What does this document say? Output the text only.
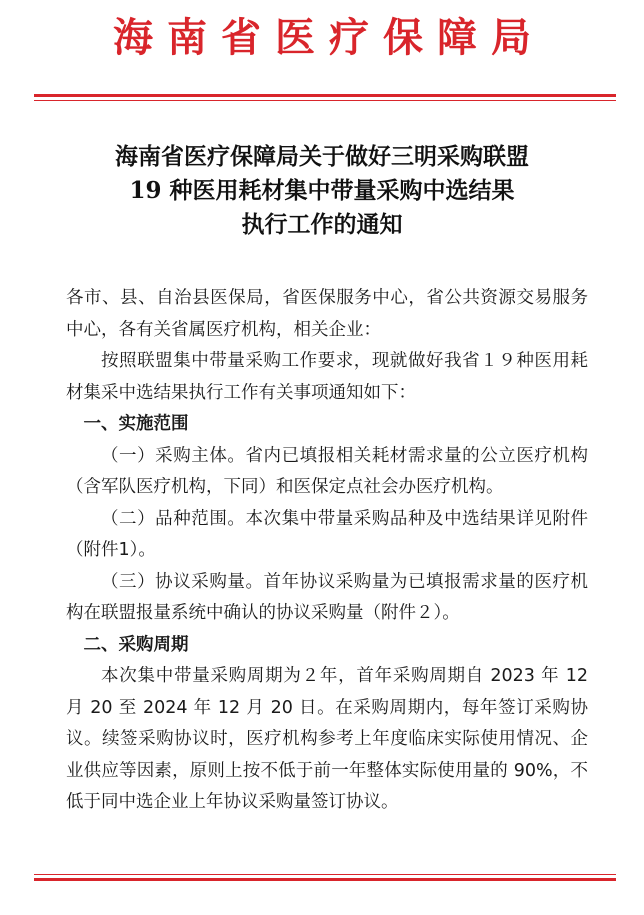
海南省医疗保障局
海南省医疗保障局关于做好三明采购联盟
19 种医用耗材集中带量采购中选结果
执行工作的通知

各市、县、自治县医保局，省医保服务中心，省公共资源交易服务中心，各有关省属医疗机构，相关企业：

按照联盟集中带量采购工作要求，现就做好我省１９种医用耗材集采中选结果执行工作有关事项通知如下：

一、实施范围

（一）采购主体。省内已填报相关耗材需求量的公立医疗机构（含军队医疗机构，下同）和医保定点社会办医疗机构。

（二）品种范围。本次集中带量采购品种及中选结果详见附件（附件1）。

（三）协议采购量。首年协议采购量为已填报需求量的医疗机构在联盟报量系统中确认的协议采购量（附件２）。

二、采购周期

本次集中带量采购周期为２年，首年采购周期自 2023 年 12 月 20 至 2024 年 12 月 20 日。在采购周期内，每年签订采购协议。续签采购协议时，医疗机构参考上年度临床实际使用情况、企业供应等因素，原则上按不低于前一年整体实际使用量的 90%，不低于同中选企业上年协议采购量签订协议。
